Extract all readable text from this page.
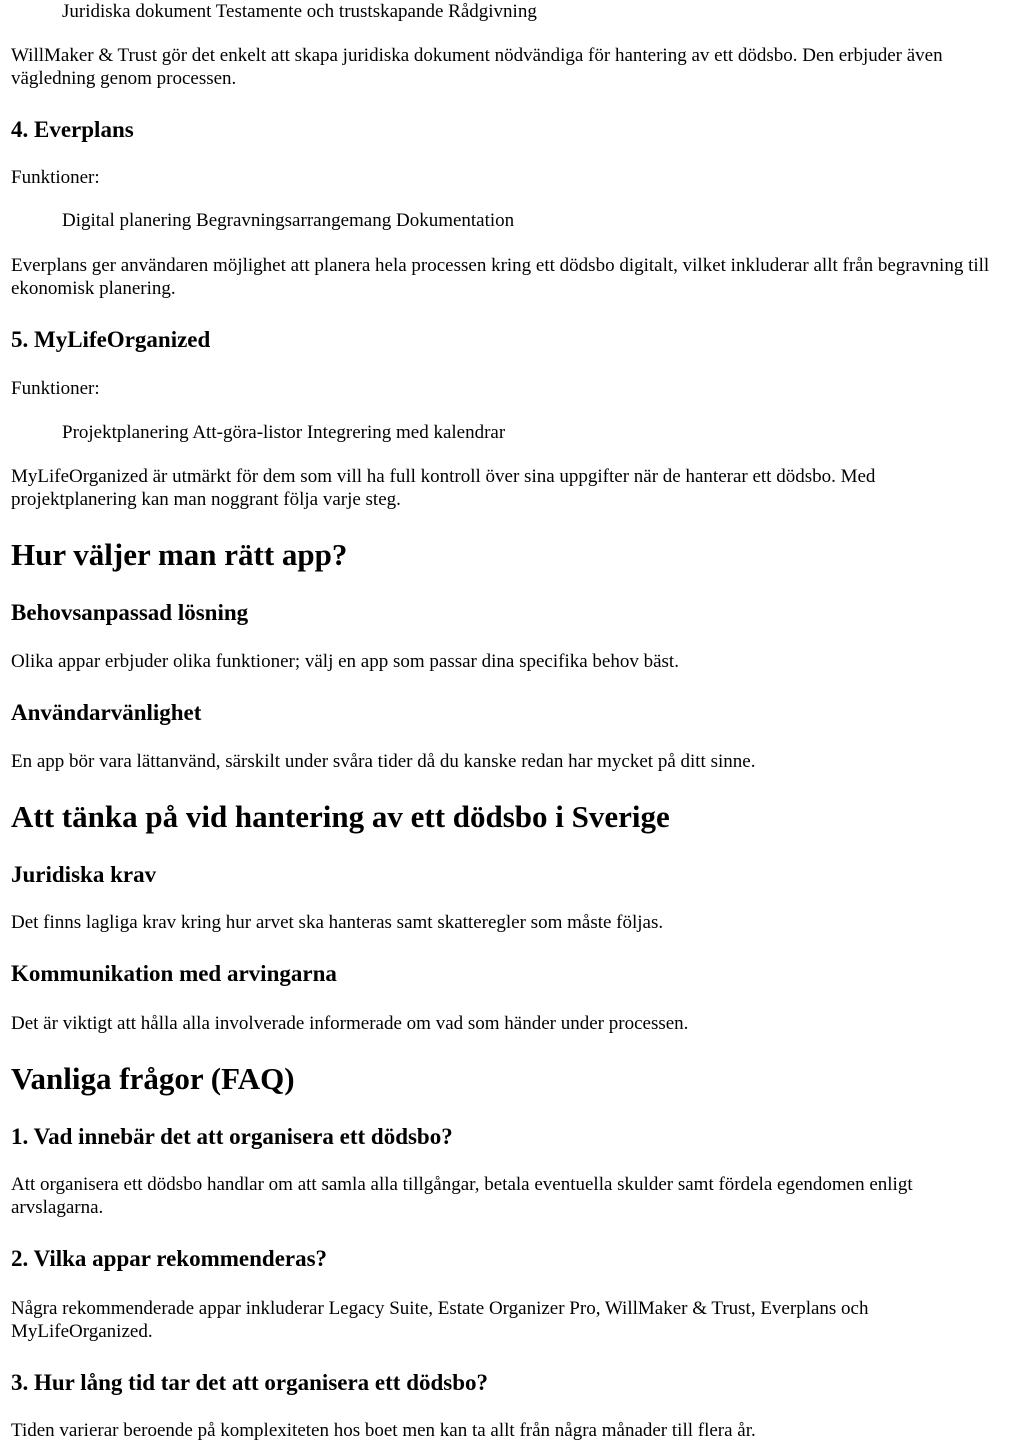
Juridiska dokument Testamente och trustskapande Rådgivning

WillMaker & Trust gör det enkelt att skapa juridiska dokument nödvändiga för hantering av ett dödsbo. Den erbjuder även vägledning genom processen.

4. Everplans

Funktioner:

Digital planering Begravningsarrangemang Dokumentation

Everplans ger användaren möjlighet att planera hela processen kring ett dödsbo digitalt, vilket inkluderar allt från begravning till ekonomisk planering.

5. MyLifeOrganized

Funktioner:

Projektplanering Att-göra-listor Integrering med kalendrar

MyLifeOrganized är utmärkt för dem som vill ha full kontroll över sina uppgifter när de hanterar ett dödsbo. Med projektplanering kan man noggrant följa varje steg.

Hur väljer man rätt app?
Behovsanpassad lösning

Olika appar erbjuder olika funktioner; välj en app som passar dina specifika behov bäst.

Användarvänlighet

En app bör vara lättanvänd, särskilt under svåra tider då du kanske redan har mycket på ditt sinne.

Att tänka på vid hantering av ett dödsbo i Sverige
Juridiska krav

Det finns lagliga krav kring hur arvet ska hanteras samt skatteregler som måste följas.

Kommunikation med arvingarna

Det är viktigt att hålla alla involverade informerade om vad som händer under processen.

Vanliga frågor (FAQ)
1. Vad innebär det att organisera ett dödsbo?

Att organisera ett dödsbo handlar om att samla alla tillgångar, betala eventuella skulder samt fördela egendomen enligt arvslagarna.

2. Vilka appar rekommenderas?

Några rekommenderade appar inkluderar Legacy Suite, Estate Organizer Pro, WillMaker & Trust, Everplans och MyLifeOrganized.

3. Hur lång tid tar det att organisera ett dödsbo?

Tiden varierar beroende på komplexiteten hos boet men kan ta allt från några månader till flera år.
